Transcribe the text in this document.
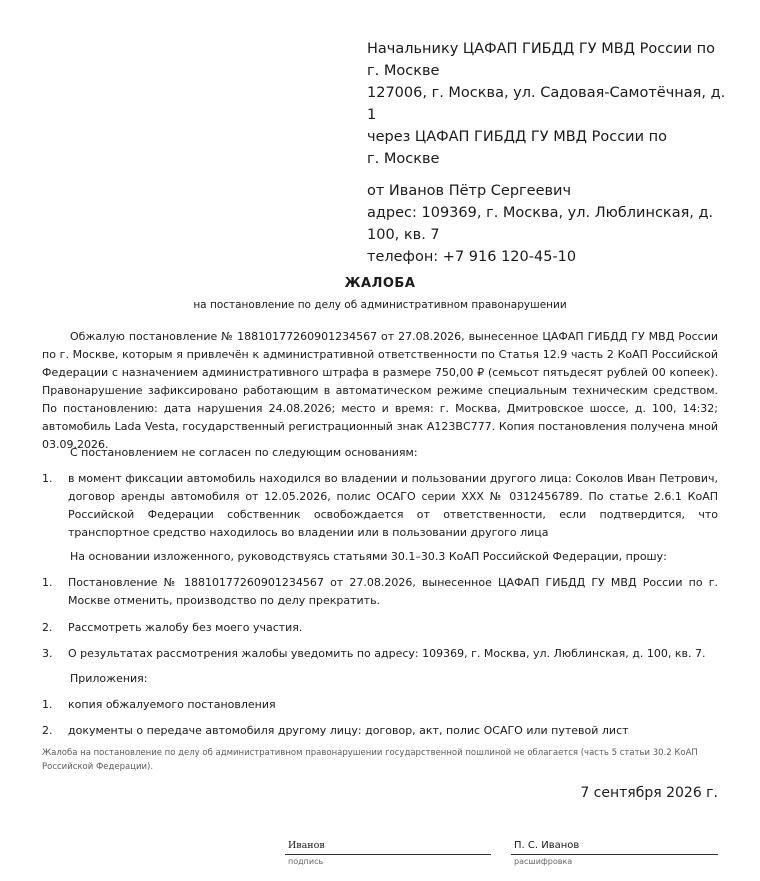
Начальнику ЦАФАП ГИБДД ГУ МВД России по
г. Москве
127006, г. Москва, ул. Садовая-Самотёчная, д. 1
через ЦАФАП ГИБДД ГУ МВД России по
г. Москве
от Иванов Пётр Сергеевич
адрес: 109369, г. Москва, ул. Люблинская, д.
100, кв. 7
телефон: +7 916 120-45-10
ЖАЛОБА
на постановление по делу об административном правонарушении
Обжалую постановление № 18810177260901234567 от 27.08.2026, вынесенное ЦАФАП ГИБДД ГУ МВД России по г. Москве, которым я привлечён к административной ответственности по Статья 12.9 часть 2 КоАП Российской Федерации с назначением административного штрафа в размере 750,00 ₽ (семьсот пятьдесят рублей 00 копеек). Правонарушение зафиксировано работающим в автоматическом режиме специальным техническим средством. По постановлению: дата нарушения 24.08.2026; место и время: г. Москва, Дмитровское шоссе, д. 100, 14:32; автомобиль Lada Vesta, государственный регистрационный знак А123ВС777. Копия постановления получена мной 03.09.2026.
С постановлением не согласен по следующим основаниям:
1.	в момент фиксации автомобиль находился во владении и пользовании другого лица: Соколов Иван Петрович, договор аренды автомобиля от 12.05.2026, полис ОСАГО серии ХХХ № 0312456789. По статье 2.6.1 КоАП Российской Федерации собственник освобождается от ответственности, если подтвердится, что транспортное средство находилось во владении или в пользовании другого лица
На основании изложенного, руководствуясь статьями 30.1–30.3 КоАП Российской Федерации, прошу:
1.	Постановление № 18810177260901234567 от 27.08.2026, вынесенное ЦАФАП ГИБДД ГУ МВД России по г. Москве отменить, производство по делу прекратить.
2.	Рассмотреть жалобу без моего участия.
3.	О результатах рассмотрения жалобы уведомить по адресу: 109369, г. Москва, ул. Люблинская, д. 100, кв. 7.
Приложения:
1.	копия обжалуемого постановления
2.	документы о передаче автомобиля другому лицу: договор, акт, полис ОСАГО или путевой лист
Жалоба на постановление по делу об административном правонарушении государственной пошлиной не облагается (часть 5 статьи 30.2 КоАП Российской Федерации).
7 сентября 2026 г.
Иванов
подпись
П. С. Иванов
расшифровка
